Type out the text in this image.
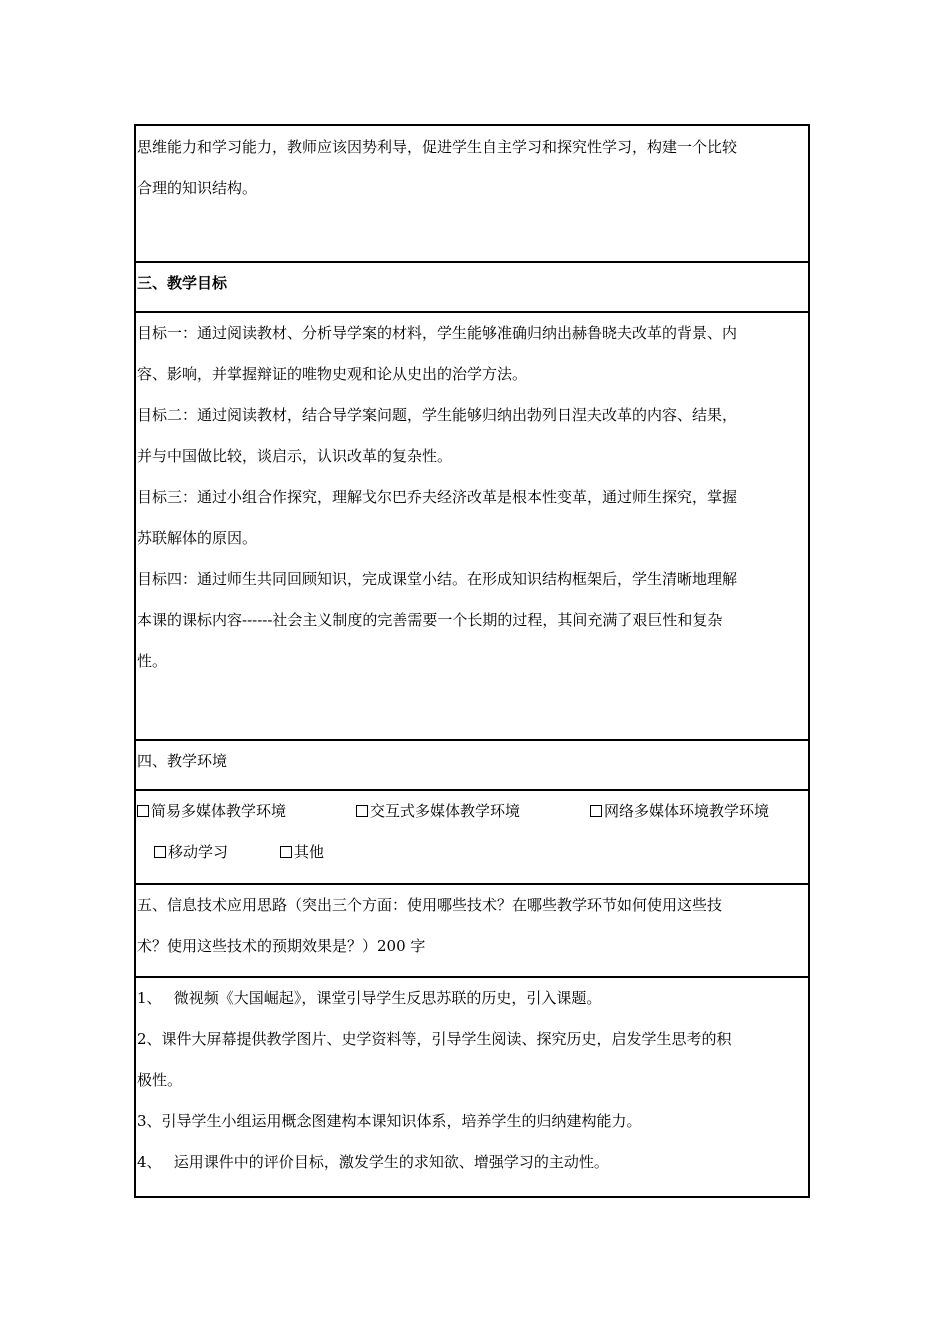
思维能力和学习能力，教师应该因势利导，促进学生自主学习和探究性学习，构建一个比较
合理的知识结构。
三、教学目标
目标一：通过阅读教材、分析导学案的材料，学生能够准确归纳出赫鲁晓夫改革的背景、内
容、影响，并掌握辩证的唯物史观和论从史出的治学方法。
目标二：通过阅读教材，结合导学案问题，学生能够归纳出勃列日涅夫改革的内容、结果，
并与中国做比较，谈启示，认识改革的复杂性。
目标三：通过小组合作探究，理解戈尔巴乔夫经济改革是根本性变革，通过师生探究，掌握
苏联解体的原因。
目标四：通过师生共同回顾知识，完成课堂小结。在形成知识结构框架后，学生清晰地理解
本课的课标内容------社会主义制度的完善需要一个长期的过程，其间充满了艰巨性和复杂
性。
四、教学环境
简易多媒体教学环境	交互式多媒体教学环境	网络多媒体环境教学环境
移动学习	其他
五、信息技术应用思路（突出三个方面：使用哪些技术？在哪些教学环节如何使用这些技
术？使用这些技术的预期效果是？）200 字
1、　 微视频《大国崛起》，课堂引导学生反思苏联的历史，引入课题。
2、课件大屏幕提供教学图片、史学资料等，引导学生阅读、探究历史，启发学生思考的积
极性。
3、引导学生小组运用概念图建构本课知识体系，培养学生的归纳建构能力。
4、　 运用课件中的评价目标，激发学生的求知欲、增强学习的主动性。
